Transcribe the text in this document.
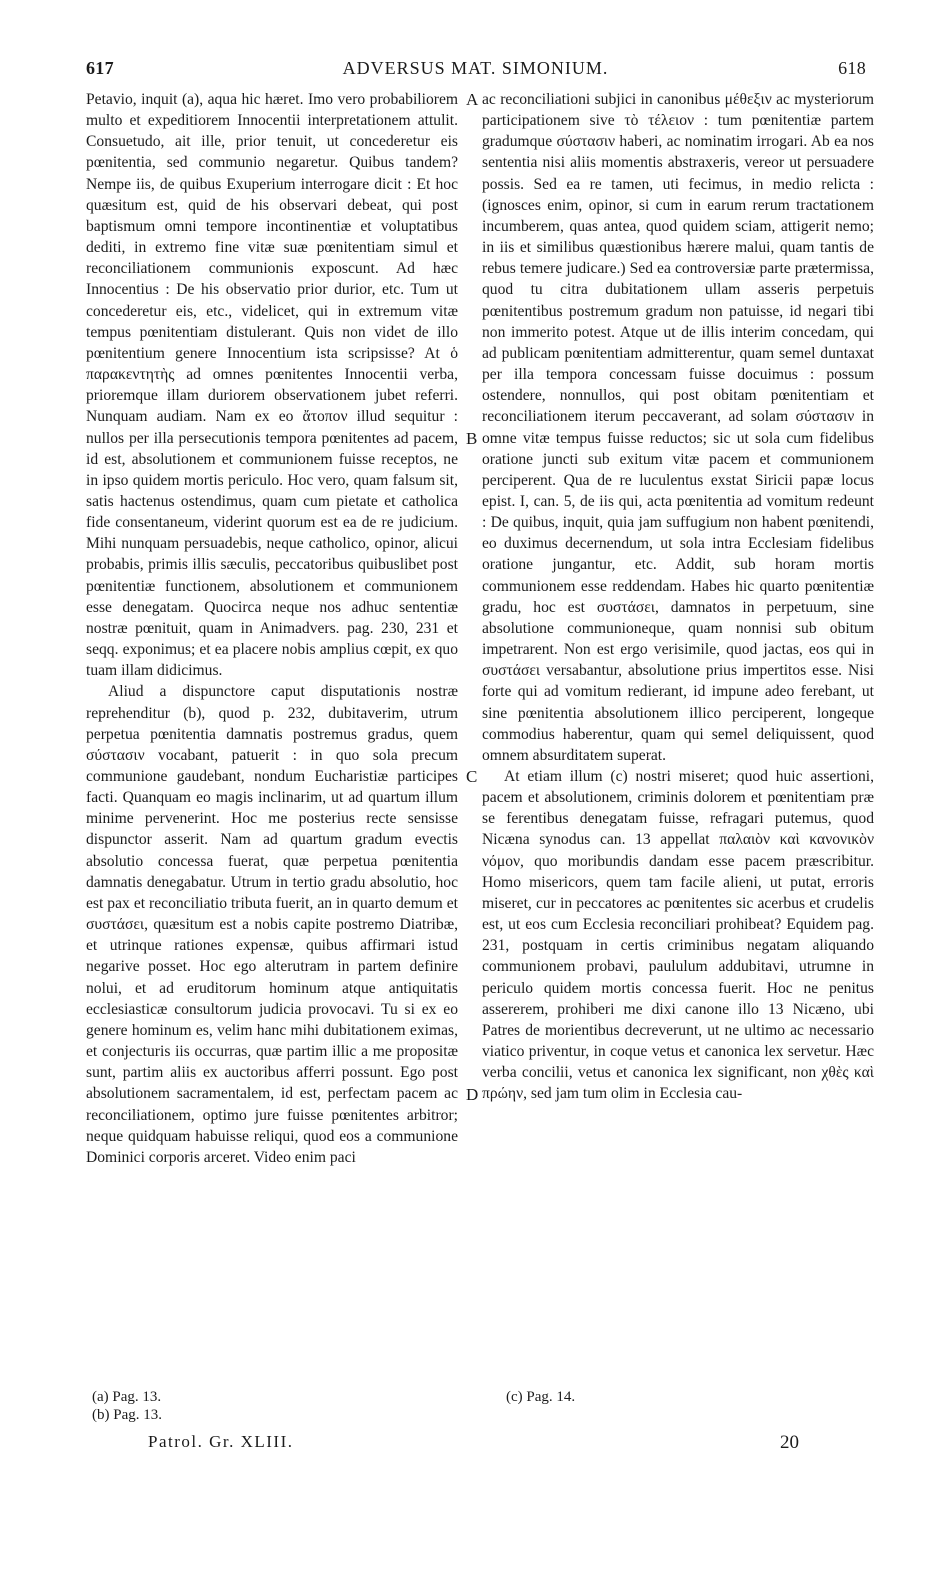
617	ADVERSUS MAT. SIMONIUM.	618

Petavio, inquit (a), aqua hic hæret. Imo vero probabiliorem multo et expeditiorem Innocentii interpretationem attulit. Consuetudo, ait ille, prior tenuit, ut concederetur eis pœnitentia, sed communio negaretur. Quibus tandem? Nempe iis, de quibus Exuperium interrogare dicit : Et hoc quæsitum est, quid de his observari debeat, qui post baptismum omni tempore incontinentiæ et voluptatibus dediti, in extremo fine vitæ suæ pœnitentiam simul et reconciliationem communionis exposcunt. Ad hæc Innocentius : De his observatio prior durior, etc. Tum ut concederetur eis, etc., videlicet, qui in extremum vitæ tempus pœnitentiam distulerant. Quis non videt de illo pœnitentium genere Innocentium ista scripsisse? At ὁ παρακεντητὴς ad omnes pœnitentes Innocentii verba, prioremque illam duriorem observationem jubet referri. Nunquam audiam. Nam ex eo ἄτοπον illud sequitur : nullos per illa persecutionis tempora pœnitentes ad pacem, id est, absolutionem et communionem fuisse receptos, ne in ipso quidem mortis periculo. Hoc vero, quam falsum sit, satis hactenus ostendimus, quam cum pietate et catholica fide consentaneum, viderint quorum est ea de re judicium. Mihi nunquam persuadebis, neque catholico, opinor, alicui probabis, primis illis sæculis, peccatoribus quibuslibet post pœnitentiæ functionem, absolutionem et communionem esse denegatam. Quocirca neque nos adhuc sententiæ nostræ pœnituit, quam in Animadvers. pag. 230, 231 et seqq. exponimus; et ea placere nobis amplius cœpit, ex quo tuam illam didicimus.

Aliud a dispunctore caput disputationis nostræ reprehenditur (b), quod p. 232, dubitaverim, utrum perpetua pœnitentia damnatis postremus gradus, quem σύστασιν vocabant, patuerit : in quo sola precum communione gaudebant, nondum Eucharistiæ participes facti. Quanquam eo magis inclinarim, ut ad quartum illum minime pervenerint. Hoc me posterius recte sensisse dispunctor asserit. Nam ad quartum gradum evectis absolutio concessa fuerat, quæ perpetua pœnitentia damnatis denegabatur. Utrum in tertio gradu absolutio, hoc est pax et reconciliatio tributa fuerit, an in quarto demum et συστάσει, quæsitum est a nobis capite postremo Diatribæ, et utrinque rationes expensæ, quibus affirmari istud negarive posset. Hoc ego alterutram in partem definire nolui, et ad eruditorum hominum atque antiquitatis ecclesiasticæ consultorum judicia provocavi. Tu si ex eo genere hominum es, velim hanc mihi dubitationem eximas, et conjecturis iis occurras, quæ partim illic a me propositæ sunt, partim aliis ex auctoribus afferri possunt. Ego post absolutionem sacramentalem, id est, perfectam pacem ac reconciliationem, optimo jure fuisse pœnitentes arbitror; neque quidquam habuisse reliqui, quod eos a communione Dominici corporis arceret. Video enim paci

A
B
C
D

ac reconciliationi subjici in canonibus μέθεξιν ac mysteriorum participationem sive τὸ τέλειον : tum pœnitentiæ partem gradumque σύστασιν haberi, ac nominatim irrogari. Ab ea nos sententia nisi aliis momentis abstraxeris, vereor ut persuadere possis. Sed ea re tamen, uti fecimus, in medio relicta : (ignosces enim, opinor, si cum in earum rerum tractationem incumberem, quas antea, quod quidem sciam, attigerit nemo; in iis et similibus quæstionibus hærere malui, quam tantis de rebus temere judicare.) Sed ea controversiæ parte prætermissa, quod tu citra dubitationem ullam asseris perpetuis pœnitentibus postremum gradum non patuisse, id negari tibi non immerito potest. Atque ut de illis interim concedam, qui ad publicam pœnitentiam admitterentur, quam semel duntaxat per illa tempora concessam fuisse docuimus : possum ostendere, nonnullos, qui post obitam pœnitentiam et reconciliationem iterum peccaverant, ad solam σύστασιν in omne vitæ tempus fuisse reductos; sic ut sola cum fidelibus oratione juncti sub exitum vitæ pacem et communionem perciperent. Qua de re luculentus exstat Siricii papæ locus epist. I, can. 5, de iis qui, acta pœnitentia ad vomitum redeunt : De quibus, inquit, quia jam suffugium non habent pœnitendi, eo duximus decernendum, ut sola intra Ecclesiam fidelibus oratione jungantur, etc. Addit, sub horam mortis communionem esse reddendam. Habes hic quarto pœnitentiæ gradu, hoc est συστάσει, damnatos in perpetuum, sine absolutione communioneque, quam nonnisi sub obitum impetrarent. Non est ergo verisimile, quod jactas, eos qui in συστάσει versabantur, absolutione prius impertitos esse. Nisi forte qui ad vomitum redierant, id impune adeo ferebant, ut sine pœnitentia absolutionem illico perciperent, longeque commodius haberentur, quam qui semel deliquissent, quod omnem absurditatem superat.

At etiam illum (c) nostri miseret; quod huic assertioni, pacem et absolutionem, criminis dolorem et pœnitentiam præ se ferentibus denegatam fuisse, refragari putemus, quod Nicæna synodus can. 13 appellat παλαιὸν καὶ κανονικὸν νόμον, quo moribundis dandam esse pacem præscribitur. Homo misericors, quem tam facile alieni, ut putat, erroris miseret, cur in peccatores ac pœnitentes sic acerbus et crudelis est, ut eos cum Ecclesia reconciliari prohibeat? Equidem pag. 231, postquam in certis criminibus negatam aliquando communionem probavi, paululum addubitavi, utrumne in periculo quidem mortis concessa fuerit. Hoc ne penitus assererem, prohiberi me dixi canone illo 13 Nicæno, ubi Patres de morientibus decreverunt, ut ne ultimo ac necessario viatico priventur, in coque vetus et canonica lex servetur. Hæc verba concilii, vetus et canonica lex significant, non χθὲς καὶ πρώην, sed jam tum olim in Ecclesia cau-

(a) Pag. 13.
(b) Pag. 13.
(c) Pag. 14.
Patrol. Gr. XLIII.	20
